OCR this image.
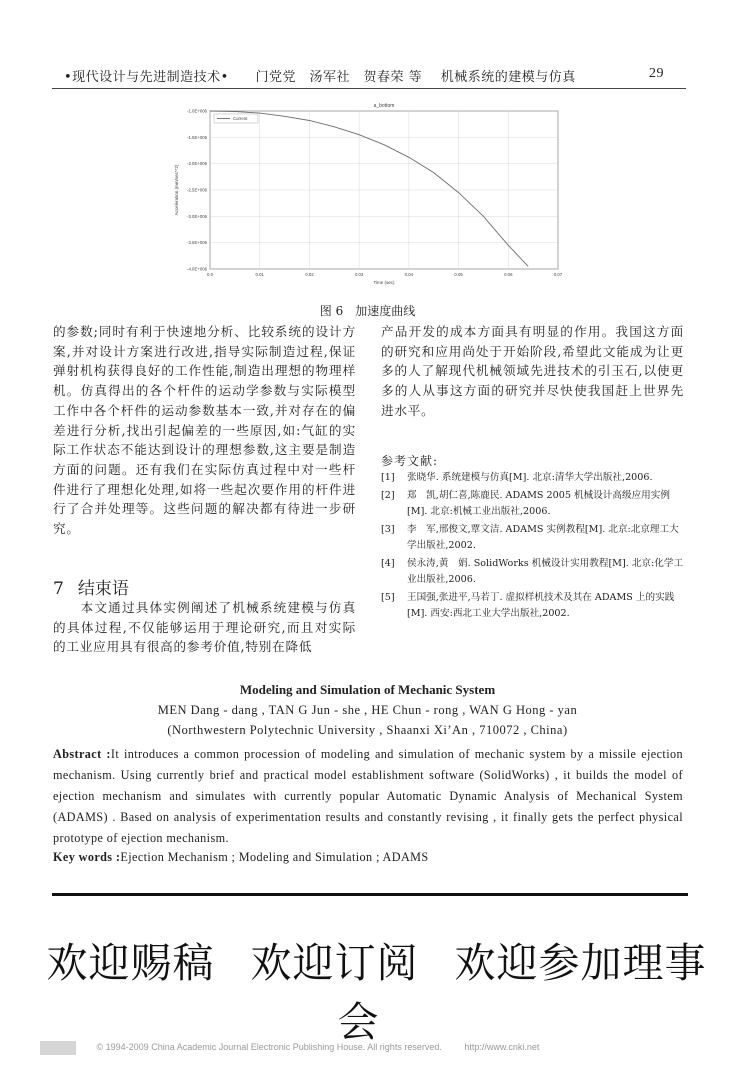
•现代设计与先进制造技术• 门党党　汤军社　贺春荣 等 机械系统的建模与仿真	29
a_bottom
-1.0E+006
-1.5E+006
-2.0E+006
-2.5E+006
-3.0E+006
-3.5E+006
-4.0E+006
0.0	0.01	0.02	0.03	0.04	0.05	0.06	0.07
Time (sec)
Acceleration (mm/sec**2)
Current
图 6　加速度曲线

的参数;同时有利于快速地分析、比较系统的设计方案,并对设计方案进行改进,指导实际制造过程,保证弹射机构获得良好的工作性能,制造出理想的物理样机。仿真得出的各个杆件的运动学参数与实际模型工作中各个杆件的运动参数基本一致,并对存在的偏差进行分析,找出引起偏差的一些原因,如:气缸的实际工作状态不能达到设计的理想参数,这主要是制造方面的问题。还有我们在实际仿真过程中对一些杆件进行了理想化处理,如将一些起次要作用的杆件进行了合并处理等。这些问题的解决都有待进一步研究。

7 结束语

　　本文通过具体实例阐述了机械系统建模与仿真的具体过程,不仅能够运用于理论研究,而且对实际的工业应用具有很高的参考价值,特别在降低

产品开发的成本方面具有明显的作用。我国这方面的研究和应用尚处于开始阶段,希望此文能成为让更多的人了解现代机械领域先进技术的引玉石,以使更多的人从事这方面的研究并尽快使我国赶上世界先进水平。

参考文献:
[1]	张晓华. 系统建模与仿真[M]. 北京:清华大学出版社,2006.
[2]	郑　凯,胡仁喜,陈鹿民. ADAMS 2005 机械设计高级应用实例[M]. 北京:机械工业出版社,2006.
[3]	李　军,邢俊文,覃文洁. ADAMS 实例教程[M]. 北京:北京理工大学出版社,2002.
[4]	侯永涛,黄　娟. SolidWorks 机械设计实用教程[M]. 北京:化学工业出版社,2006.
[5]	王国强,张进平,马若丁. 虚拟样机技术及其在 ADAMS 上的实践[M]. 西安:西北工业大学出版社,2002.
Modeling and Simulation of Mechanic System
MEN Dang - dang , TAN G Jun - she , HE Chun - rong , WAN G Hong - yan
(Northwestern Polytechnic University , Shaanxi Xi’An , 710072 , China)
Abstract :It introduces a common procession of modeling and simulation of mechanic system by a missile ejection mechanism. Using currently brief and practical model establishment software (SolidWorks) , it builds the model of ejection mechanism and simulates with currently popular Automatic Dynamic Analysis of Mechanical System (ADAMS) . Based on analysis of experimentation results and constantly revising , it finally gets the perfect physical prototype of ejection mechanism.
Key words :Ejection Mechanism ; Modeling and Simulation ; ADAMS
欢迎赐稿 欢迎订阅 欢迎参加理事会
© 1994-2009 China Academic Journal Electronic Publishing House. All rights reserved.	http://www.cnki.net
